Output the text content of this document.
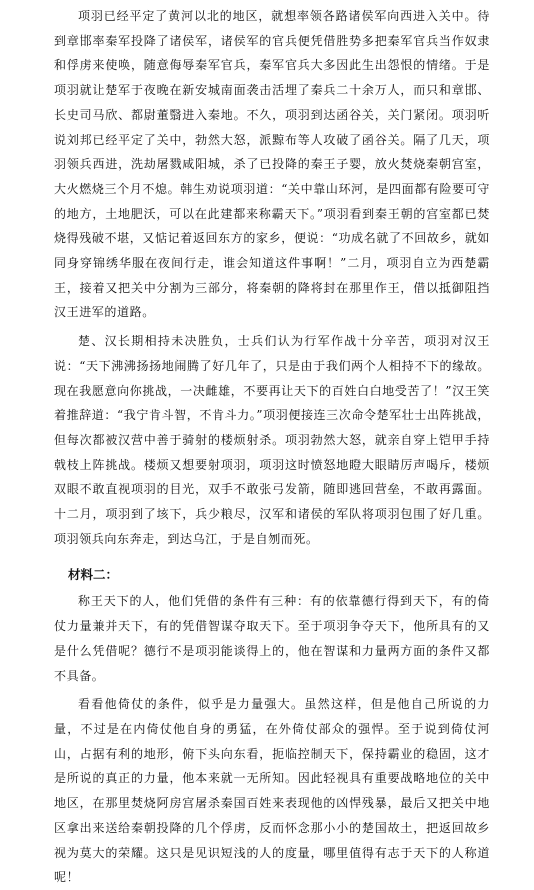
项羽已经平定了黄河以北的地区，就想率领各路诸侯军向西进入关中。待到章邯率秦军投降了诸侯军，诸侯军的官兵便凭借胜势多把秦军官兵当作奴隶和俘虏来使唤，随意侮辱秦军官兵，秦军官兵大多因此生出怨恨的情绪。于是项羽就让楚军于夜晚在新安城南面袭击活埋了秦兵二十余万人，而只和章邯、长史司马欣、都尉董翳进入秦地。不久，项羽到达函谷关，关门紧闭。项羽听说刘邦已经平定了关中，勃然大怒，派黥布等人攻破了函谷关。隔了几天，项羽领兵西进，洗劫屠戮咸阳城，杀了已投降的秦王子婴，放火焚烧秦朝宫室，大火燃烧三个月不熄。韩生劝说项羽道：“关中靠山环河，是四面都有险要可守的地方，土地肥沃，可以在此建都来称霸天下。”项羽看到秦王朝的宫室都已焚烧得残破不堪，又惦记着返回东方的家乡，便说：“功成名就了不回故乡，就如同身穿锦绣华服在夜间行走，谁会知道这件事啊！”二月，项羽自立为西楚霸王，接着又把关中分割为三部分，将秦朝的降将封在那里作王，借以抵御阻挡汉王进军的道路。

楚、汉长期相持未决胜负，士兵们认为行军作战十分辛苦，项羽对汉王说：“天下沸沸扬扬地闹腾了好几年了，只是由于我们两个人相持不下的缘故。现在我愿意向你挑战，一决雌雄，不要再让天下的百姓白白地受苦了！”汉王笑着推辞道：“我宁肯斗智，不肯斗力。”项羽便接连三次命令楚军壮士出阵挑战，但每次都被汉营中善于骑射的楼烦射杀。项羽勃然大怒，就亲自穿上铠甲手持戟枝上阵挑战。楼烦又想要射项羽，项羽这时愤怒地瞪大眼睛厉声喝斥，楼烦双眼不敢直视项羽的目光，双手不敢张弓发箭，随即逃回营垒，不敢再露面。十二月，项羽到了垓下，兵少粮尽，汉军和诸侯的军队将项羽包围了好几重。项羽领兵向东奔走，到达乌江，于是自刎而死。

材料二：

称王天下的人，他们凭借的条件有三种：有的依靠德行得到天下，有的倚仗力量兼并天下，有的凭借智谋夺取天下。至于项羽争夺天下，他所具有的又是什么凭借呢？德行不是项羽能谈得上的，他在智谋和力量两方面的条件又都不具备。

看看他倚仗的条件，似乎是力量强大。虽然这样，但是他自己所说的力量，不过是在内倚仗他自身的勇猛，在外倚仗部众的强悍。至于说到倚仗河山，占据有利的地形，俯下头向东看，扼临控制天下，保持霸业的稳固，这才是所说的真正的力量，他本来就一无所知。因此轻视具有重要战略地位的关中地区，在那里焚烧阿房宫屠杀秦国百姓来表现他的凶悍残暴，最后又把关中地区拿出来送给秦朝投降的几个俘虏，反而怀念那小小的楚国故土，把返回故乡视为莫大的荣耀。这只是见识短浅的人的度量，哪里值得有志于天下的人称道呢！
